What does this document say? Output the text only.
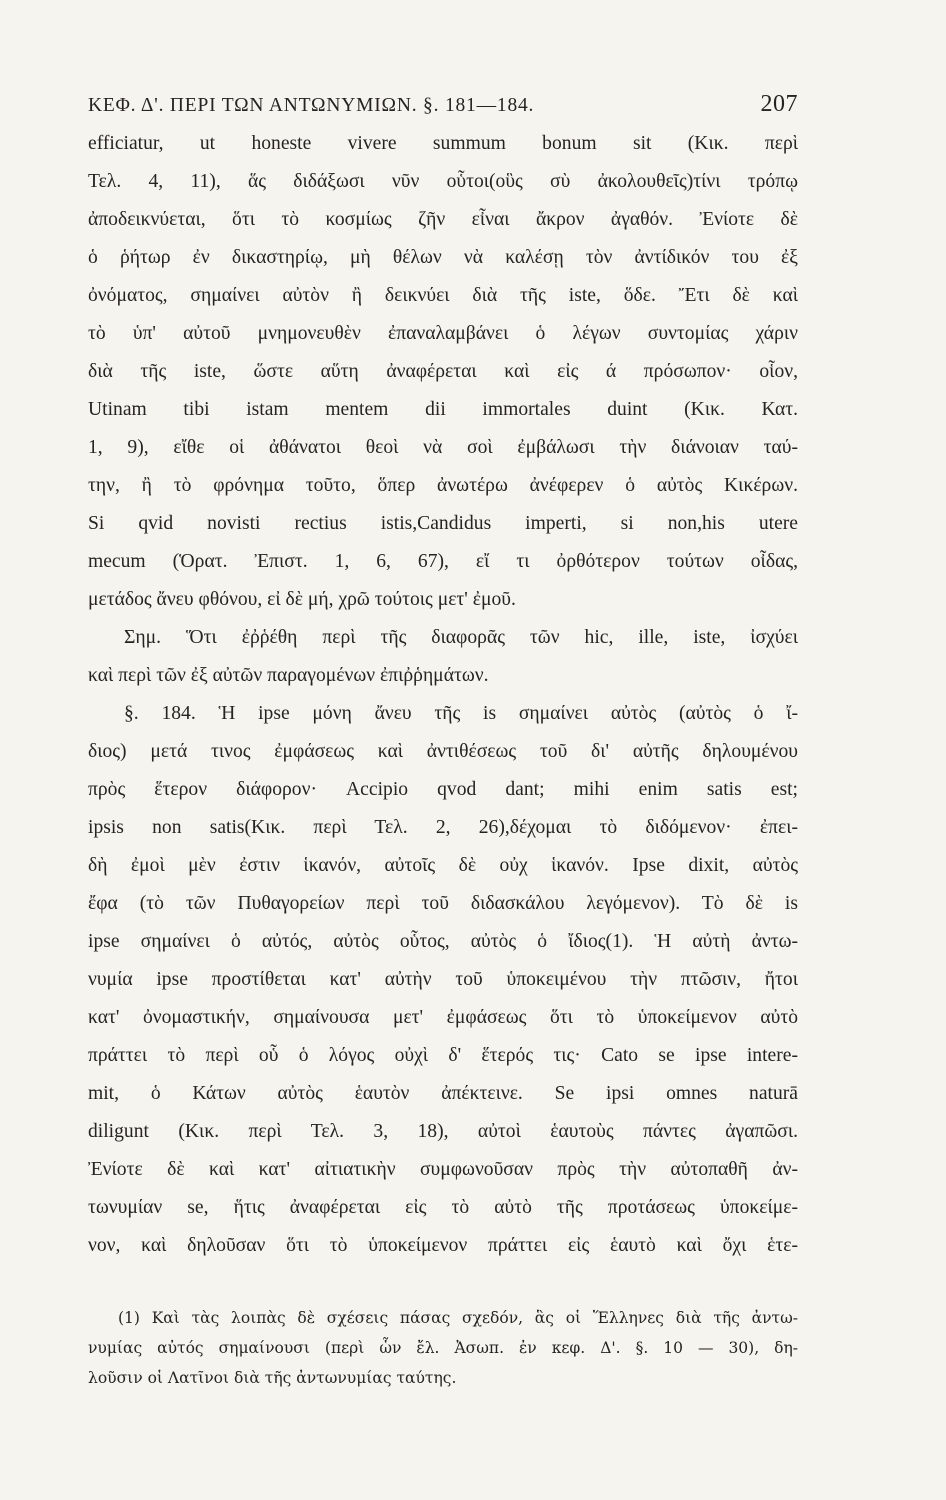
ΚΕΦ. Δ'. ΠΕΡΙ ΤΩΝ ΑΝΤΩΝΥΜΙΩΝ. §. 181—184.	207
efficiatur, ut honeste vivere summum bonum sit (Κικ. περὶ
Τελ. 4, 11), ἅς διδάξωσι νῦν οὗτοι(οὓς σὺ ἀκολουθεῖς)τίνι τρόπῳ
ἀποδεικνύεται, ὅτι τὸ κοσμίως ζῆν εἶναι ἄκρον ἀγαθόν. Ἐνίοτε δὲ
ὁ ῥήτωρ ἐν δικαστηρίῳ, μὴ θέλων νὰ καλέσῃ τὸν ἀντίδικόν του ἐξ
ὀνόματος, σημαίνει αὐτὸν ἢ δεικνύει διὰ τῆς iste, ὅδε. Ἔτι δὲ καὶ
τὸ ὑπ' αὐτοῦ μνημονευθὲν ἐπαναλαμβάνει ὁ λέγων συντομίας χάριν
διὰ τῆς iste, ὥστε αὕτη ἀναφέρεται καὶ εἰς ά πρόσωπον· οἷον,
Utinam tibi istam mentem dii immortales duint (Κικ. Κατ.
1, 9), εἴθε οἱ ἀθάνατοι θεοὶ νὰ σοὶ ἐμβάλωσι τὴν διάνοιαν ταύ-
την, ἢ τὸ φρόνημα τοῦτο, ὅπερ ἀνωτέρω ἀνέφερεν ὁ αὐτὸς Κικέρων.
Si qvid novisti rectius istis,Candidus imperti, si non,his utere
mecum (Ὁρατ. Ἐπιστ. 1, 6, 67), εἴ τι ὀρθότερον τούτων οἶδας,
μετάδος ἄνευ φθόνου, εἰ δὲ μή, χρῶ τούτοις μετ' ἐμοῦ.
Σημ. Ὅτι ἐῤῥέθη περὶ τῆς διαφορᾶς τῶν hic, ille, iste, ἰσχύει
καὶ περὶ τῶν ἐξ αὐτῶν παραγομένων ἐπιῤῥημάτων.
§. 184. Ἡ ipse μόνη ἄνευ τῆς is σημαίνει αὐτὸς (αὐτὸς ὁ ἴ-
διος) μετά τινος ἐμφάσεως καὶ ἀντιθέσεως τοῦ δι' αὐτῆς δηλουμένου
πρὸς ἕτερον διάφορον· Accipio qvod dant; mihi enim satis est;
ipsis non satis(Κικ. περὶ Τελ. 2, 26),δέχομαι τὸ διδόμενον· ἐπει-
δὴ ἐμοὶ μὲν ἐστιν ἱκανόν, αὐτοῖς δὲ οὐχ ἱκανόν. Ipse dixit, αὐτὸς
ἔφα (τὸ τῶν Πυθαγορείων περὶ τοῦ διδασκάλου λεγόμενον). Τὸ δὲ is
ipse σημαίνει ὁ αὐτός, αὐτὸς οὗτος, αὐτὸς ὁ ἴδιος(1). Ἡ αὐτὴ ἀντω-
νυμία ipse προστίθεται κατ' αὐτὴν τοῦ ὑποκειμένου τὴν πτῶσιν, ἤτοι
κατ' ὀνομαστικήν, σημαίνουσα μετ' ἐμφάσεως ὅτι τὸ ὑποκείμενον αὐτὸ
πράττει τὸ περὶ οὗ ὁ λόγος οὐχὶ δ' ἕτερός τις· Cato se ipse intere-
mit, ὁ Κάτων αὐτὸς ἑαυτὸν ἀπέκτεινε. Se ipsi omnes naturā
diligunt (Κικ. περὶ Τελ. 3, 18), αὐτοὶ ἑαυτοὺς πάντες ἀγαπῶσι.
Ἐνίοτε δὲ καὶ κατ' αἰτιατικὴν συμφωνοῦσαν πρὸς τὴν αὐτοπαθῆ ἀν-
τωνυμίαν se, ἥτις ἀναφέρεται εἰς τὸ αὐτὸ τῆς προτάσεως ὑποκείμε-
νον, καὶ δηλοῦσαν ὅτι τὸ ὑποκείμενον πράττει εἰς ἑαυτὸ καὶ ὄχι ἑτε-
(1) Καὶ τὰς λοιπὰς δὲ σχέσεις πάσας σχεδόν, ἃς οἱ Ἕλληνες διὰ τῆς ἀντω-
νυμίας αὐτός σημαίνουσι (περὶ ὧν ἔλ. Ἀσωπ. ἐν κεφ. Δ'. §. 10 — 30), δη-
λοῦσιν οἱ Λατῖνοι διὰ τῆς ἀντωνυμίας ταύτης.
